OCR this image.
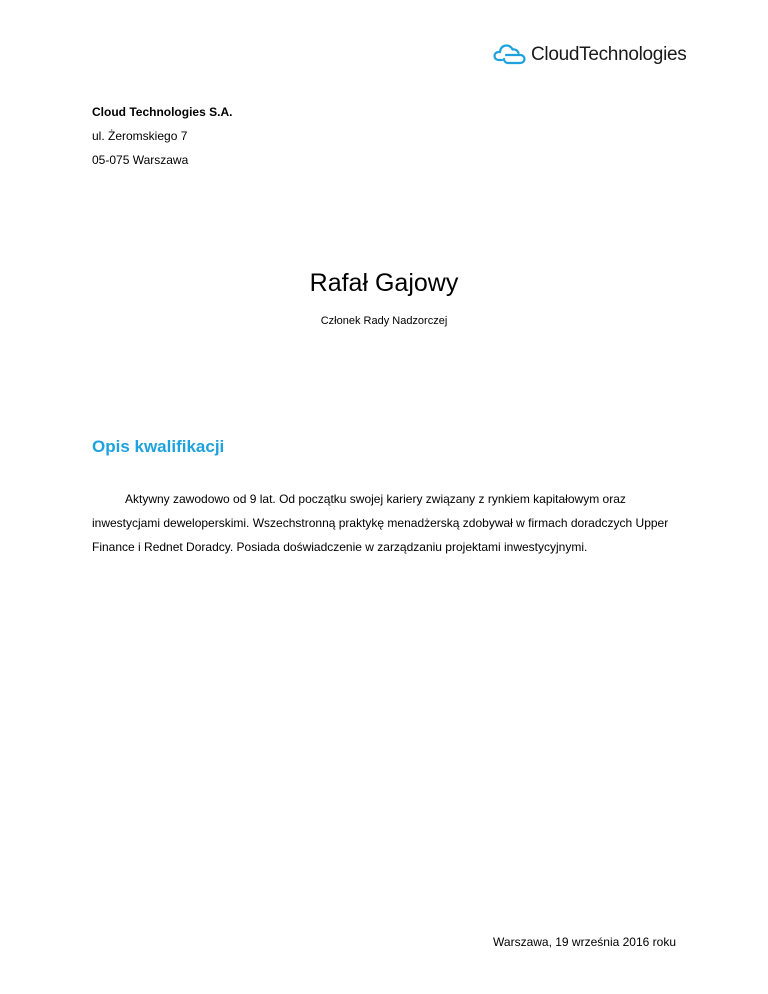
CloudTechnologies
Cloud Technologies S.A.
ul. Żeromskiego 7
05-075 Warszawa
Rafał Gajowy
Członek Rady Nadzorczej
Opis kwalifikacji

Aktywny zawodowo od 9 lat. Od początku swojej kariery związany z rynkiem kapitałowym oraz inwestycjami deweloperskimi. Wszechstronną praktykę menadżerską zdobywał w firmach doradczych Upper Finance i Rednet Doradcy. Posiada doświadczenie w zarządzaniu projektami inwestycyjnymi.

Warszawa, 19 września 2016 roku
